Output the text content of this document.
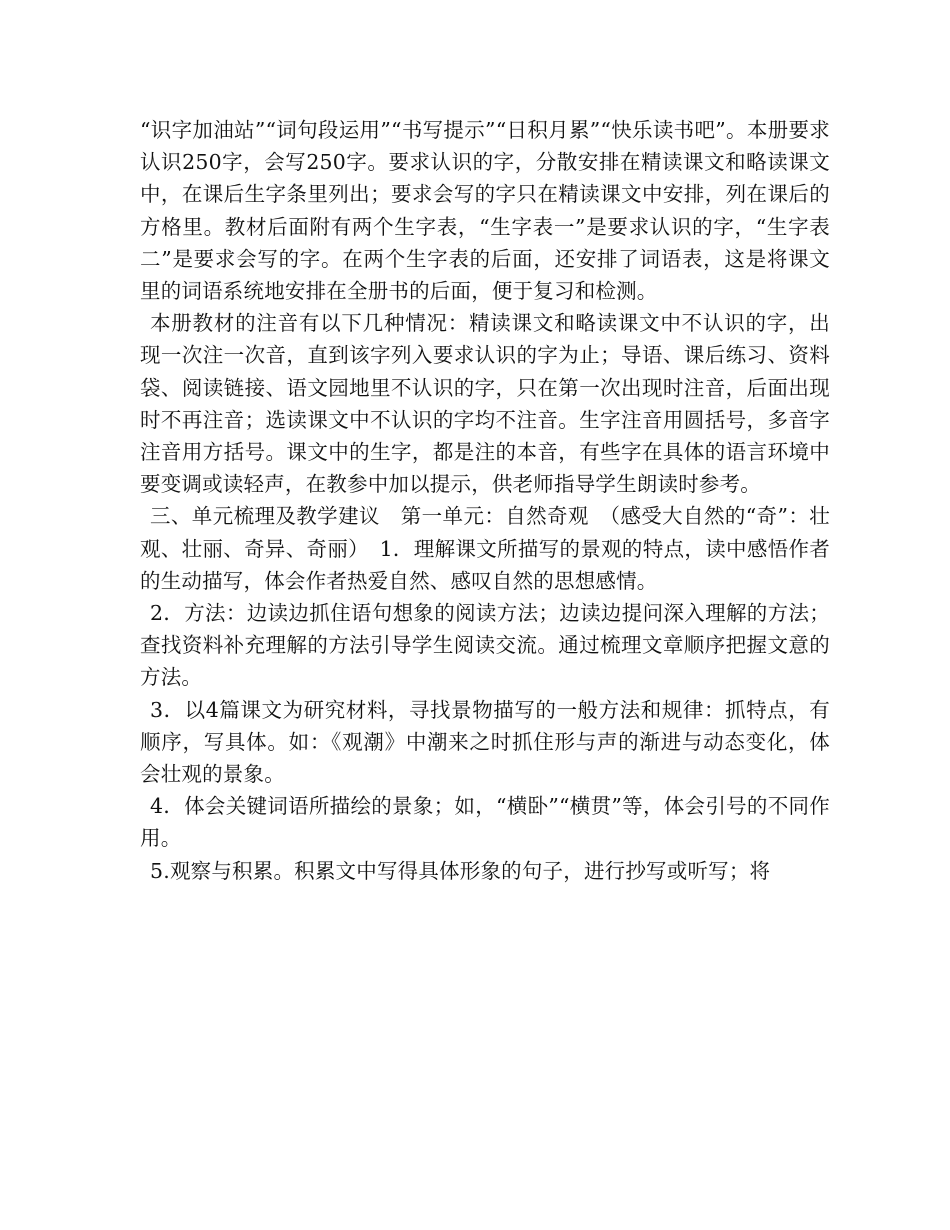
“识字加油站”“词句段运用”“书写提示”“日积月累”“快乐读书吧”。本册要求认识250字，会写250字。要求认识的字，分散安排在精读课文和略读课文中，在课后生字条里列出；要求会写的字只在精读课文中安排，列在课后的方格里。教材后面附有两个生字表，“生字表一”是要求认识的字，“生字表二”是要求会写的字。在两个生字表的后面，还安排了词语表，这是将课文里的词语系统地安排在全册书的后面，便于复习和检测。

本册教材的注音有以下几种情况：精读课文和略读课文中不认识的字，出现一次注一次音，直到该字列入要求认识的字为止；导语、课后练习、资料袋、阅读链接、语文园地里不认识的字，只在第一次出现时注音，后面出现时不再注音；选读课文中不认识的字均不注音。生字注音用圆括号，多音字注音用方括号。课文中的生字，都是注的本音，有些字在具体的语言环境中要变调或读轻声，在教参中加以提示，供老师指导学生朗读时参考。

三、单元梳理及教学建议　第一单元：自然奇观　（感受大自然的“奇”：壮观、壮丽、奇异、奇丽）　1．理解课文所描写的景观的特点，读中感悟作者的生动描写，体会作者热爱自然、感叹自然的思想感情。

2．方法：边读边抓住语句想象的阅读方法；边读边提问深入理解的方法；查找资料补充理解的方法引导学生阅读交流。通过梳理文章顺序把握文意的方法。

3．以4篇课文为研究材料，寻找景物描写的一般方法和规律：抓特点，有顺序，写具体。如：《观潮》中潮来之时抓住形与声的渐进与动态变化，体会壮观的景象。

4．体会关键词语所描绘的景象；如，“横卧”“横贯”等，体会引号的不同作用。

5.观察与积累。积累文中写得具体形象的句子，进行抄写或听写；将
